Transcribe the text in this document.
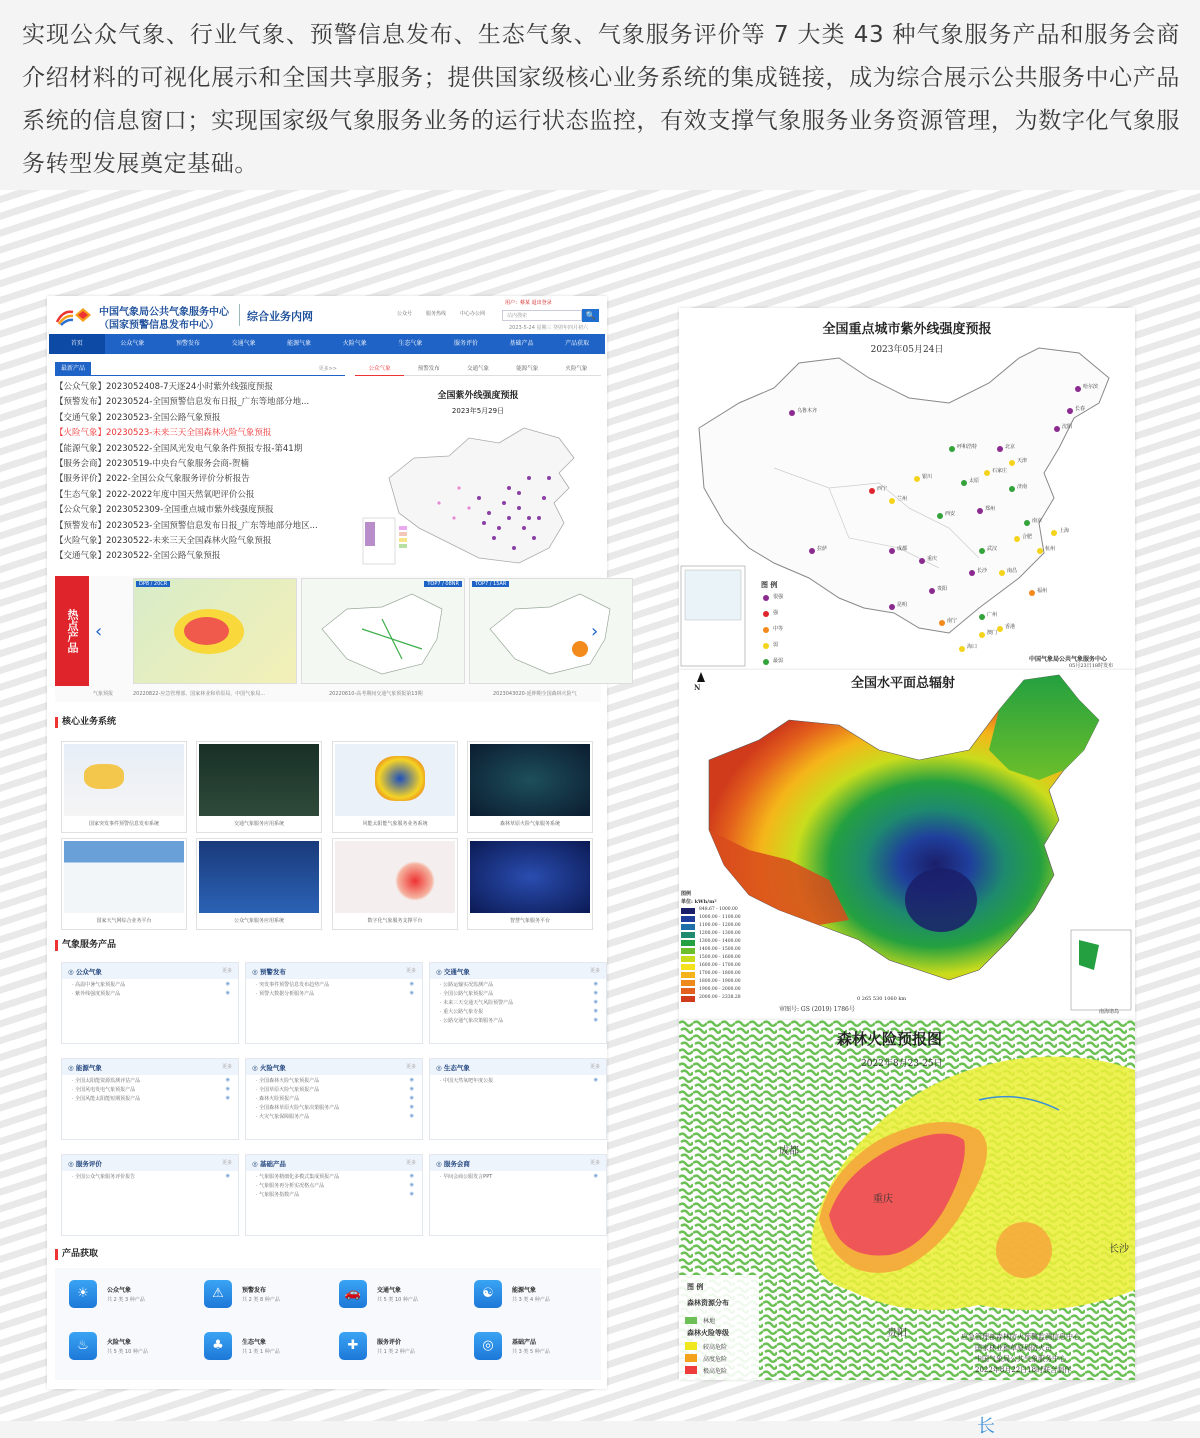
实现公众气象、行业气象、预警信息发布、生态气象、气象服务评价等 7 大类 43 种气象服务产品和服务会商介绍材料的可视化展示和全国共享服务；提供国家级核心业务系统的集成链接，成为综合展示公共服务中心产品系统的信息窗口；实现国家级气象服务业务的运行状态监控，有效支撑气象服务业务资源管理，为数字化气象服务转型发展奠定基础。

中国气象局公共气象服务中心
（国家预警信息发布中心）
综合业务内网	公众号	服务热线	中心办公网
用户：蔡某 退出登录
站内搜索	🔍
2023-5-24 星期三 癸卯年四月初六
首页	公众气象	预警发布	交通气象	能源气象	火险气象	生态气象	服务评价	基础产品	产品获取
最新产品	更多>>
【公众气象】20230524​08-7天逐24小时紫外线强度预报
【预警发布】20230524-全国预警信息发布日报_广东等地部分地...
【交通气象】20230523-全国公路气象预报
【火险气象】20230523-未来三天全国森林火险气象预报
【能源气象】20230522-全国风光发电气象条件预报专报-第41期
【服务会商】20230519-中央台气象服务会商-贺楠
【服务评价】2022-全国公众气象服务评价分析报告
【生态气象】2022-2022年度中国天然氧吧评价公报
【公众气象】20230523​09-全国重点城市紫外线强度预报
【预警发布】20230523-全国预警信息发布日报_广东等地部分地区...
【火险气象】20230522-未来三天全国森林火险气象预报
【交通气象】20230522-全国公路气象预报
公众气象	预警发布	交通气象	能源气象	火险气象
全国紫外线强度预报
2023年5月29日
热点产品 ‹
DP8 / 20CR	TOP7 / 08NR	TOP7 / 15AR
›
气象预报	20220822-应急管理部、国家林业和草原局、中国气象局...	20220610-高考期间交通气象预报第13期	20230430​20-延伸期全国森林火险气
核心业务系统
国家突发事件预警信息发布系统	交通气象服务应用系统	风能太阳能气象服务业务系统	森林草原火险气象服务系统
国家天气网综合业务平台	公众气象服务应用系统	数字化气象服务支撑平台	智慧气象服务平台
气象服务产品
产品获取
☀	公众气象
共 2 类 3 种产品	⚠	预警发布
共 2 类 8 种产品	🚗	交通气象
共 5 类 10 种产品	☯	能源气象
共 3 类 4 种产品
♨	火险气象
共 5 类 10 种产品	♣	生态气象
共 1 类 1 种产品	✚	服务评价
共 1 类 2 种产品	◎	基础产品
共 3 类 5 种产品
◎ 公众气象	更多
· 高温中暑气象预报产品 ◉
· 紫外线强度预报产品 ◉
◎ 预警发布	更多
· 突发事件预警信息发布趋势产品 ◉
· 预警大数据分析服务产品 ◉
◎ 交通气象	更多
· 公路运输实况监测产品 ◉
· 全国公路气象预报产品 ◉
· 未来三天交通天气风险预警产品 ◉
· 重大公路气象专报 ◉
· 公路交通气象决策服务产品 ◉
◎ 能源气象	更多
· 全国太阳能资源监测评估产品 ◉
· 全国风电发电气象预报产品 ◉
· 全国风能太阳能短期预报产品 ◉
◎ 火险气象	更多
· 全国森林火险气象预报产品 ◉
· 全国草原火险气象预报产品 ◉
· 森林火险预报产品 ◉
· 全国森林草原火险气象决策服务产品 ◉
· 火灾气象保障服务产品 ◉
◎ 生态气象	更多
· 中国天然氧吧年度公报 ◉
◎ 服务评价	更多
· 全国公众气象服务评价报告 ◉
◎ 基础产品	更多
· 气象服务精细化多模式集成预报产品 ◉
· 气象服务再分析实况格点产品 ◉
· 气象服务指数产品 ◉
◎ 服务会商	更多
· 早间会商公服发言PPT ◉
全国重点城市紫外线强度预报
2023年05月24日
哈尔滨
长春
沈阳
乌鲁木齐
呼和浩特	北京
天津
石家庄
太原
济南
银川
西宁
兰州
西安
郑州
南京
上海
合肥
杭州
武汉
成都
重庆
长沙	南昌
拉萨
贵阳	福州
昆明
南宁
广州
香港
澳门
海口
图 例
很强
强
中等
弱
最弱	中国气象局公共气象服务中心
05月23日18时发布
N	全国水平面总辐射
图例
单位: kWh/m²
848.67 - 1000.00
1000.00 - 1100.00
1100.00 - 1200.00
1200.00 - 1300.00
1300.00 - 1400.00
1400.00 - 1500.00
1500.00 - 1600.00
1600.00 - 1700.00
1700.00 - 1800.00
1800.00 - 1900.00
1900.00 - 2000.00
2000.00 - 2338.28
审图号: GS (2019) 1786号
0 265 530 1060 km
南海诸岛
森林火险预报图
2022年8月23-25日
成都
重庆
长沙
贵阳
图 例
森林资源分布
林地
森林火险等级
较高危险
高度危险
极高危险
应急管理部森林防火预警监测信息中心
国家林业和草原局防火司
中国气象局公共气象服务中心
2022年8月22日18时联合制作
长
